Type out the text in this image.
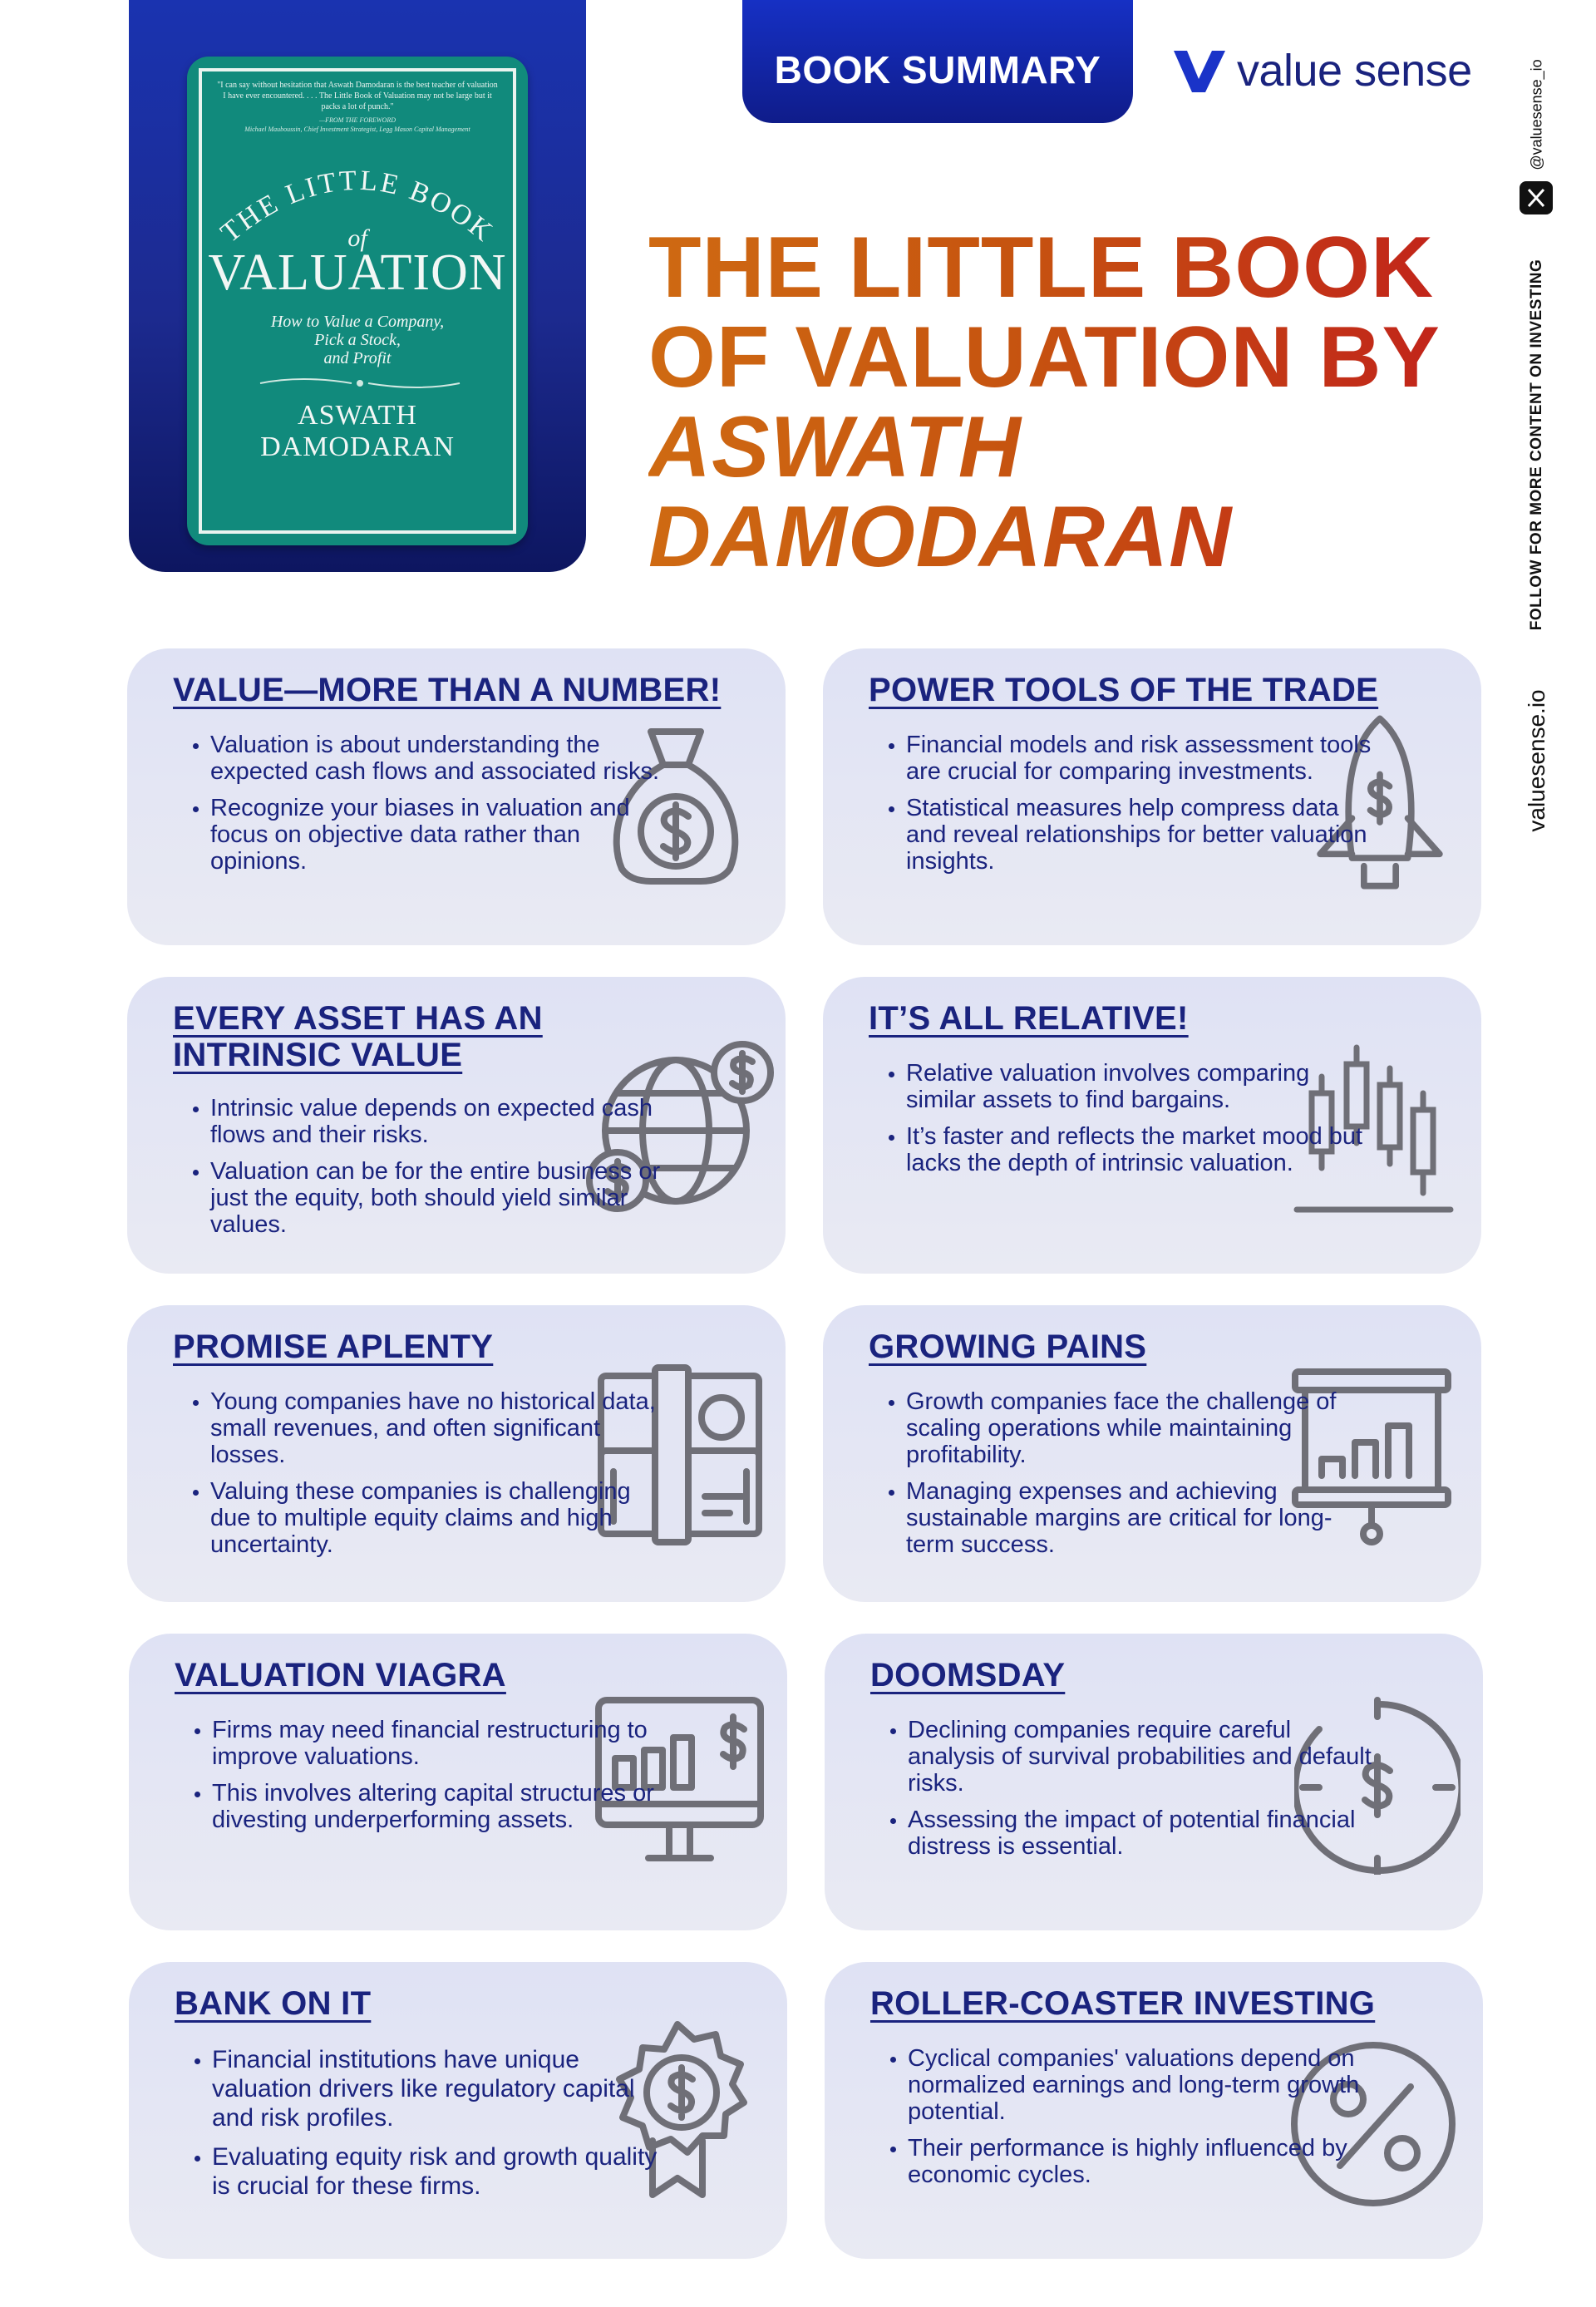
"I can say without hesitation that Aswath Damodaran is the best teacher of valuation I have ever encountered. . . . The Little Book of Valuation may not be large but it packs a lot of punch."
—FROM THE FOREWORD
Michael Mauboussin, Chief Investment Strategist, Legg Mason Capital Management
THE LITTLE BOOK
of
VALUATION
How to Value a Company,
Pick a Stock,
and Profit
ASWATH DAMODARAN
BOOK SUMMARY	value sense
THE LITTLE BOOK
OF VALUATION BY
ASWATH
DAMODARAN
@valuesense_io
FOLLOW FOR MORE CONTENT ON INVESTING
valuesense.io
VALUE—MORE THAN A NUMBER!
• Valuation is about understanding the expected cash flows and associated risks.
• Recognize your biases in valuation and focus on objective data rather than opinions.
POWER TOOLS OF THE TRADE
• Financial models and risk assessment tools are crucial for comparing investments.
• Statistical measures help compress data and reveal relationships for better valuation insights.
EVERY ASSET HAS AN INTRINSIC VALUE
• Intrinsic value depends on expected cash flows and their risks.
• Valuation can be for the entire business or just the equity, both should yield similar values.
IT’S ALL RELATIVE!
• Relative valuation involves comparing similar assets to find bargains.
• It’s faster and reflects the market mood but lacks the depth of intrinsic valuation.
PROMISE APLENTY
• Young companies have no historical data, small revenues, and often significant losses.
• Valuing these companies is challenging due to multiple equity claims and high uncertainty.
GROWING PAINS
• Growth companies face the challenge of scaling operations while maintaining profitability.
• Managing expenses and achieving sustainable margins are critical for long-term success.
VALUATION VIAGRA
• Firms may need financial restructuring to improve valuations.
• This involves altering capital structures or divesting underperforming assets.
DOOMSDAY
• Declining companies require careful analysis of survival probabilities and default risks.
• Assessing the impact of potential financial distress is essential.
BANK ON IT
• Financial institutions have unique valuation drivers like regulatory capital and risk profiles.
• Evaluating equity risk and growth quality is crucial for these firms.
ROLLER-COASTER INVESTING
• Cyclical companies' valuations depend on normalized earnings and long-term growth potential.
• Their performance is highly influenced by economic cycles.
